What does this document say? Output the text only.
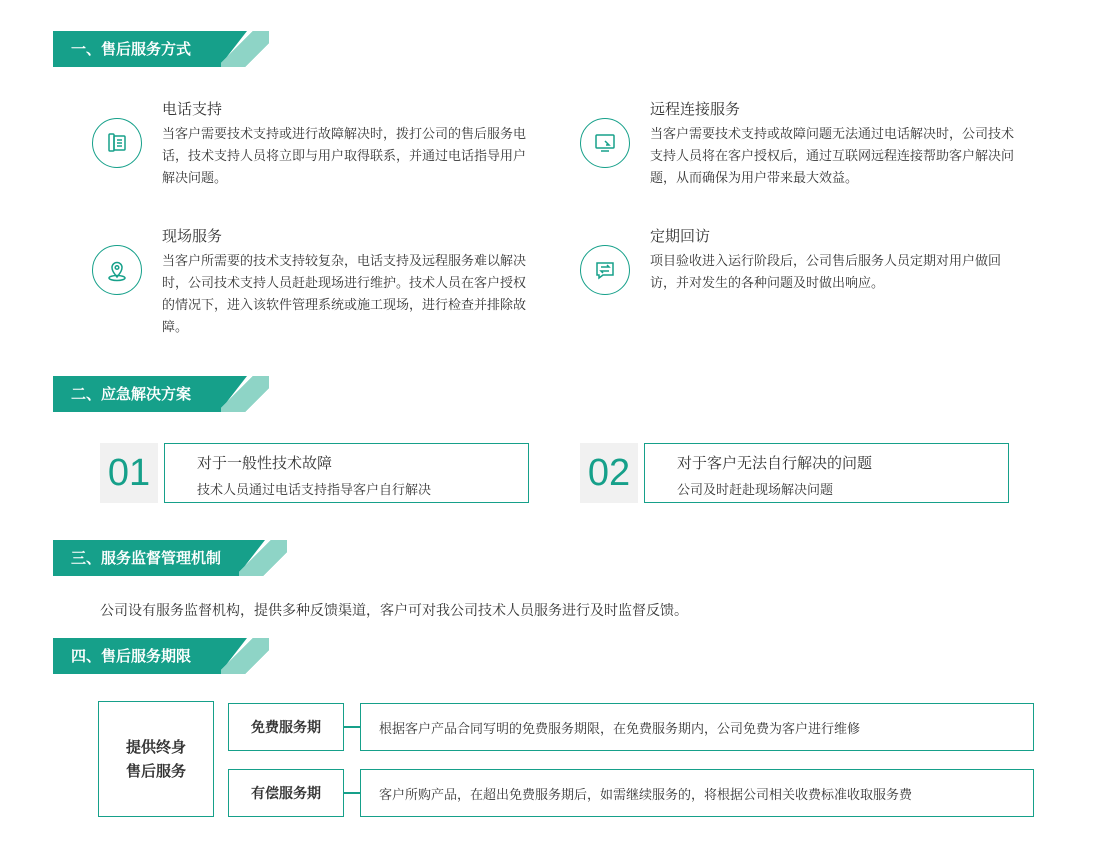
一、售后服务方式
电话支持
当客户需要技术支持或进行故障解决时，拨打公司的售后服务电话，技术支持人员将立即与用户取得联系，并通过电话指导用户解决问题。
远程连接服务
当客户需要技术支持或故障问题无法通过电话解决时，公司技术支持人员将在客户授权后，通过互联网远程连接帮助客户解决问题，从而确保为用户带来最大效益。
现场服务
当客户所需要的技术支持较复杂，电话支持及远程服务难以解决时，公司技术支持人员赶赴现场进行维护。技术人员在客户授权的情况下，进入该软件管理系统或施工现场，进行检查并排除故障。
定期回访
项目验收进入运行阶段后，公司售后服务人员定期对用户做回访，并对发生的各种问题及时做出响应。
二、应急解决方案
01	对于一般性技术故障
技术人员通过电话支持指导客户自行解决	02	对于客户无法自行解决的问题
公司及时赶赴现场解决问题
三、服务监督管理机制
公司设有服务监督机构，提供多种反馈渠道，客户可对我公司技术人员服务进行及时监督反馈。
四、售后服务期限
提供终身售后服务
免费服务期	根据客户产品合同写明的免费服务期限，在免费服务期内，公司免费为客户进行维修
有偿服务期	客户所购产品，在超出免费服务期后，如需继续服务的，将根据公司相关收费标准收取服务费
